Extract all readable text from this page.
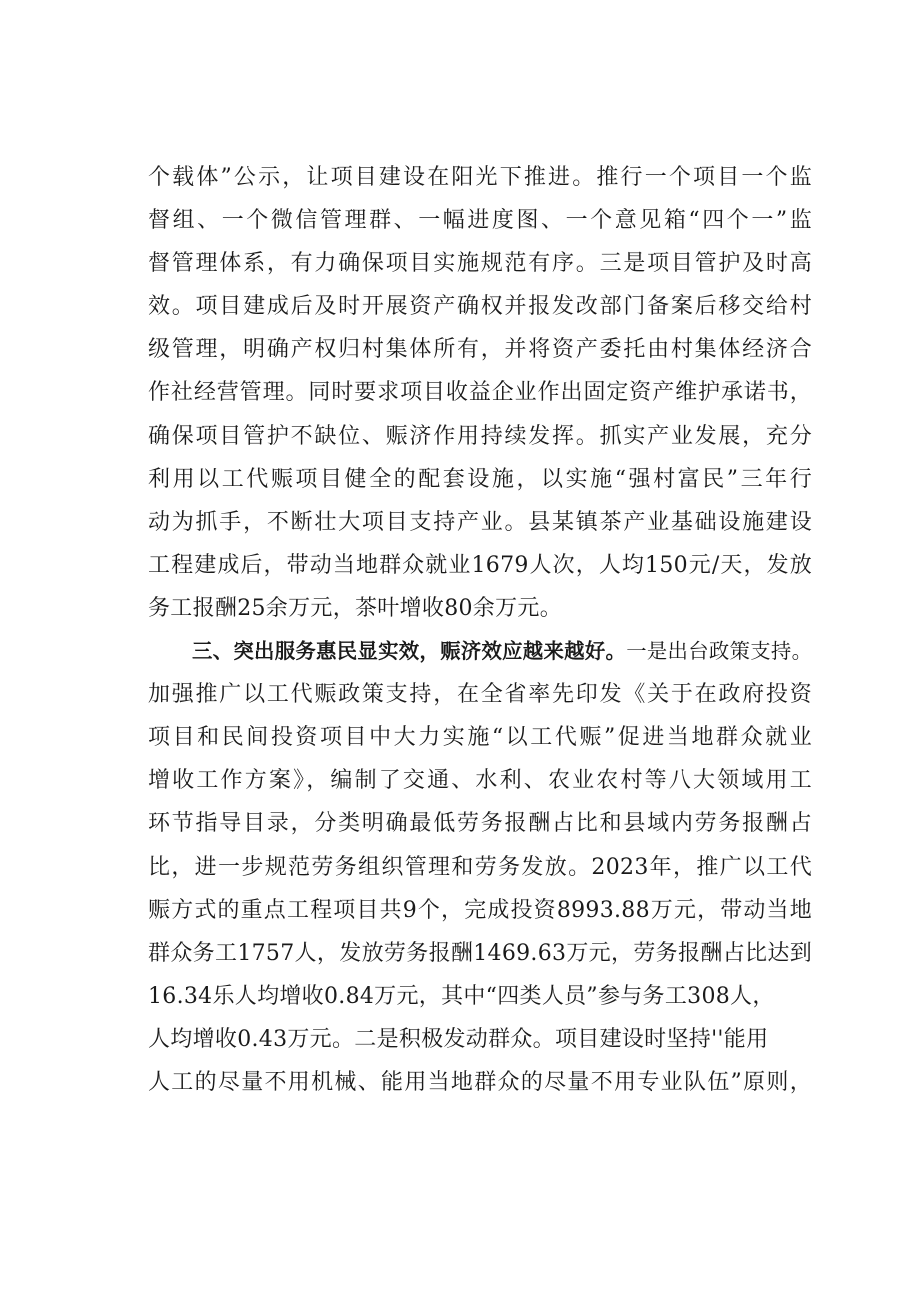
个载体”公示，让项目建设在阳光下推进。推行一个项目一个监
督组、一个微信管理群、一幅进度图、一个意见箱“四个一”监
督管理体系，有力确保项目实施规范有序。三是项目管护及时高
效。项目建成后及时开展资产确权并报发改部门备案后移交给村
级管理，明确产权归村集体所有，并将资产委托由村集体经济合
作社经营管理。同时要求项目收益企业作出固定资产维护承诺书，
确保项目管护不缺位、赈济作用持续发挥。抓实产业发展，充分
利用以工代赈项目健全的配套设施，以实施“强村富民”三年行
动为抓手，不断壮大项目支持产业。县某镇茶产业基础设施建设
工程建成后，带动当地群众就业1679人次，人均150元/天，发放
务工报酬25余万元，茶叶增收80余万元。
三、突出服务惠民显实效，赈济效应越来越好。一是出台政策支持。
加强推广以工代赈政策支持，在全省率先印发《关于在政府投资
项目和民间投资项目中大力实施“以工代赈”促进当地群众就业
增收工作方案》，编制了交通、水利、农业农村等八大领域用工
环节指导目录，分类明确最低劳务报酬占比和县域内劳务报酬占
比，进一步规范劳务组织管理和劳务发放。2023年，推广以工代
赈方式的重点工程项目共9个，完成投资8993.88万元，带动当地
群众务工1757人，发放劳务报酬1469.63万元，劳务报酬占比达到
16.34乐人均增收0.84万元，其中“四类人员”参与务工308人，
人均增收0.43万元。二是积极发动群众。项目建设时坚持''能用
人工的尽量不用机械、能用当地群众的尽量不用专业队伍”原则，
